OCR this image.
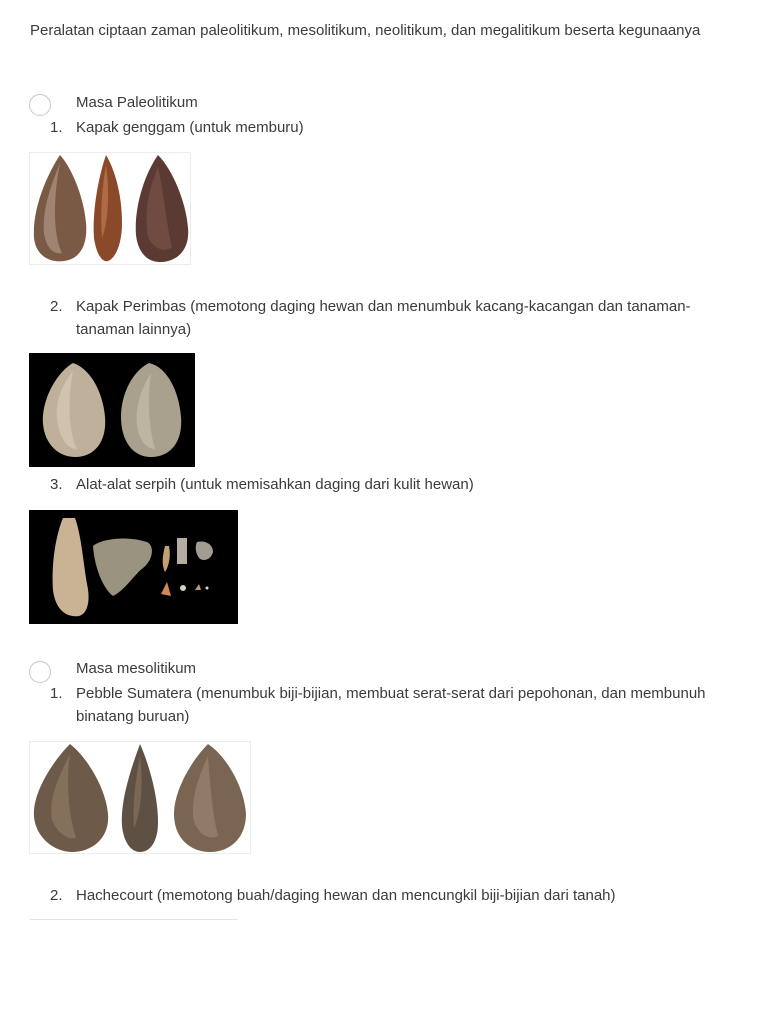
Peralatan ciptaan zaman paleolitikum, mesolitikum, neolitikum, dan megalitikum beserta kegunaanya
Masa Paleolitikum
1. Kapak genggam (untuk memburu)
2. Kapak Perimbas (memotong daging hewan dan menumbuk kacang-kacangan dan tanaman-tanaman lainnya)
3. Alat-alat serpih (untuk memisahkan daging dari kulit hewan)
Masa mesolitikum
1. Pebble Sumatera (menumbuk biji-bijian, membuat serat-serat dari pepohonan, dan membunuh binatang buruan)
2. Hachecourt (memotong buah/daging hewan dan mencungkil biji-bijian dari tanah)
